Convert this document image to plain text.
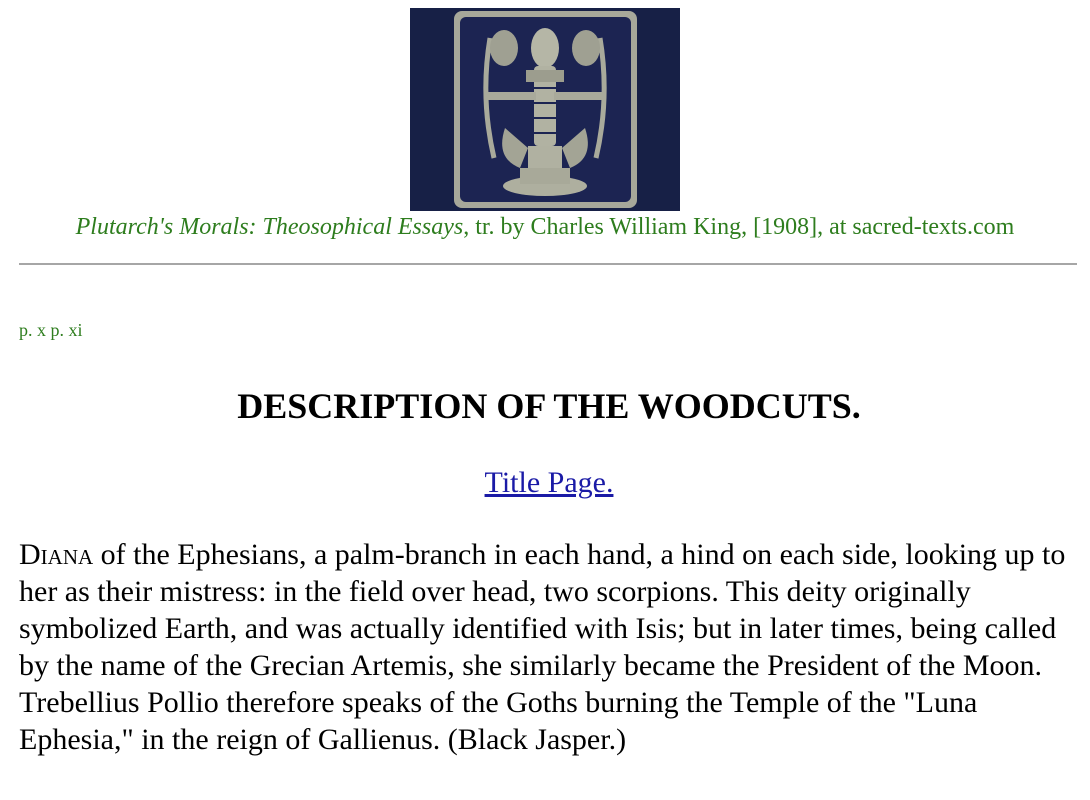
Plutarch's Morals: Theosophical Essays, tr. by Charles William King, [1908], at sacred-texts.com
p. x p. xi
DESCRIPTION OF THE WOODCUTS.
Title Page.

Diana of the Ephesians, a palm-branch in each hand, a hind on each side, looking up to her as their mistress: in the field over head, two scorpions. This deity originally symbolized Earth, and was actually identified with Isis; but in later times, being called by the name of the Grecian Artemis, she similarly became the President of the Moon. Trebellius Pollio therefore speaks of the Goths burning the Temple of the "Luna Ephesia," in the reign of Gallienus. (Black Jasper.)
